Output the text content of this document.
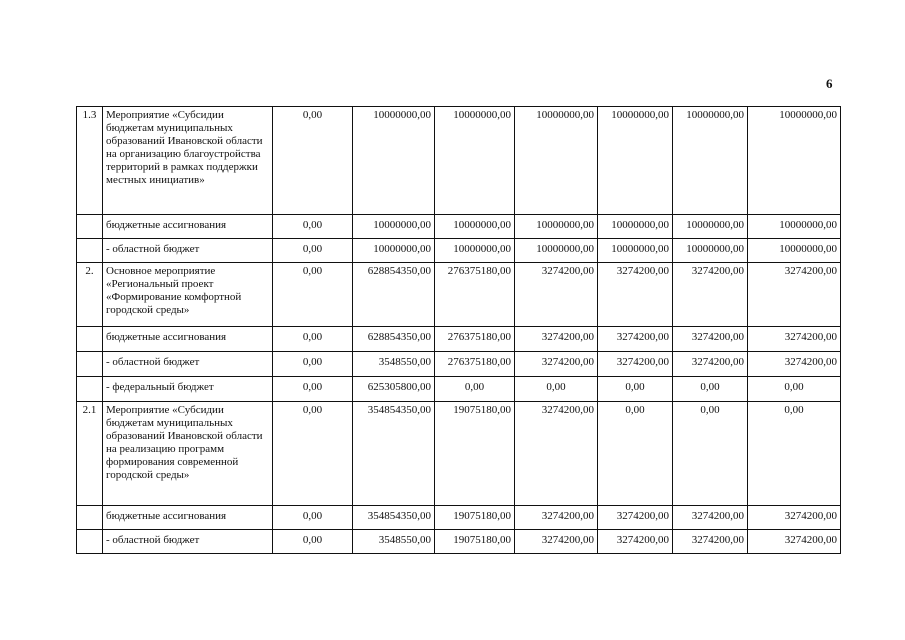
6
1.3	Мероприятие «Субсидии бюджетам муниципальных образований Ивановской области на организацию благоустройства территорий в рамках поддержки местных инициатив»	0,00	10000000,00	10000000,00	10000000,00	10000000,00	10000000,00	10000000,00
	бюджетные ассигнования	0,00	10000000,00	10000000,00	10000000,00	10000000,00	10000000,00	10000000,00
	- областной бюджет	0,00	10000000,00	10000000,00	10000000,00	10000000,00	10000000,00	10000000,00
2.	Основное мероприятие «Региональный проект «Формирование комфортной городской среды»	0,00	628854350,00	276375180,00	3274200,00	3274200,00	3274200,00	3274200,00
	бюджетные ассигнования	0,00	628854350,00	276375180,00	3274200,00	3274200,00	3274200,00	3274200,00
	- областной бюджет	0,00	3548550,00	276375180,00	3274200,00	3274200,00	3274200,00	3274200,00
	- федеральный бюджет	0,00	625305800,00	0,00	0,00	0,00	0,00	0,00
2.1	Мероприятие «Субсидии бюджетам муниципальных образований Ивановской области на реализацию программ формирования современной городской среды»	0,00	354854350,00	19075180,00	3274200,00	0,00	0,00	0,00
	бюджетные ассигнования	0,00	354854350,00	19075180,00	3274200,00	3274200,00	3274200,00	3274200,00
	- областной бюджет	0,00	3548550,00	19075180,00	3274200,00	3274200,00	3274200,00	3274200,00
